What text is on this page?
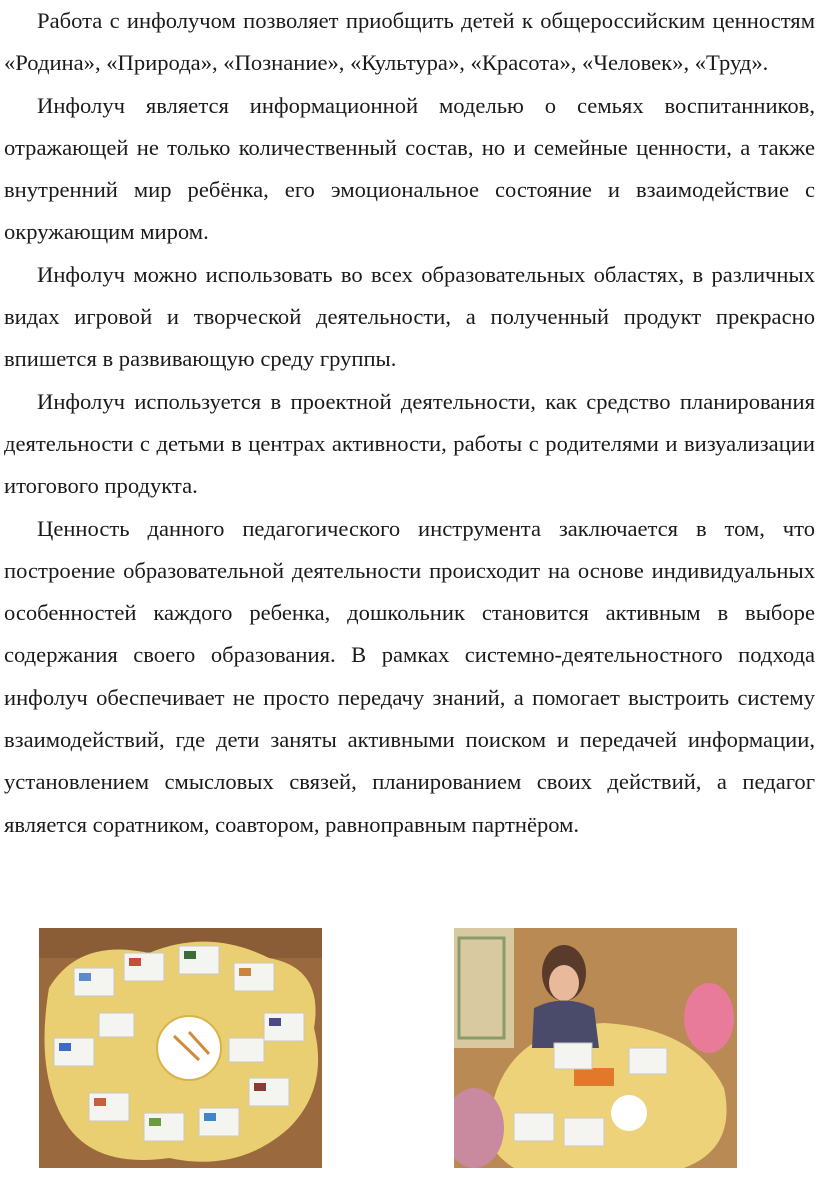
Работа с инфолучом позволяет приобщить детей к общероссийским ценностям «Родина», «Природа», «Познание», «Культура», «Красота», «Человек», «Труд».

Инфолуч является информационной моделью о семьях воспитанников, отражающей не только количественный состав, но и семейные ценности, а также внутренний мир ребёнка, его эмоциональное состояние и взаимодействие с окружающим миром.

Инфолуч можно использовать во всех образовательных областях, в различных видах игровой и творческой деятельности, а полученный продукт прекрасно впишется в развивающую среду группы.

Инфолуч используется в проектной деятельности, как средство планирования деятельности с детьми в центрах активности, работы с родителями и визуализации итогового продукта.

Ценность данного педагогического инструмента заключается в том, что построение образовательной деятельности происходит на основе индивидуальных особенностей каждого ребенка, дошкольник становится активным в выборе содержания своего образования. В рамках системно-деятельностного подхода инфолуч обеспечивает не просто передачу знаний, а помогает выстроить систему взаимодействий, где дети заняты активными поиском и передачей информации, установлением смысловых связей, планированием своих действий, а педагог является соратником, соавтором, равноправным партнёром.
